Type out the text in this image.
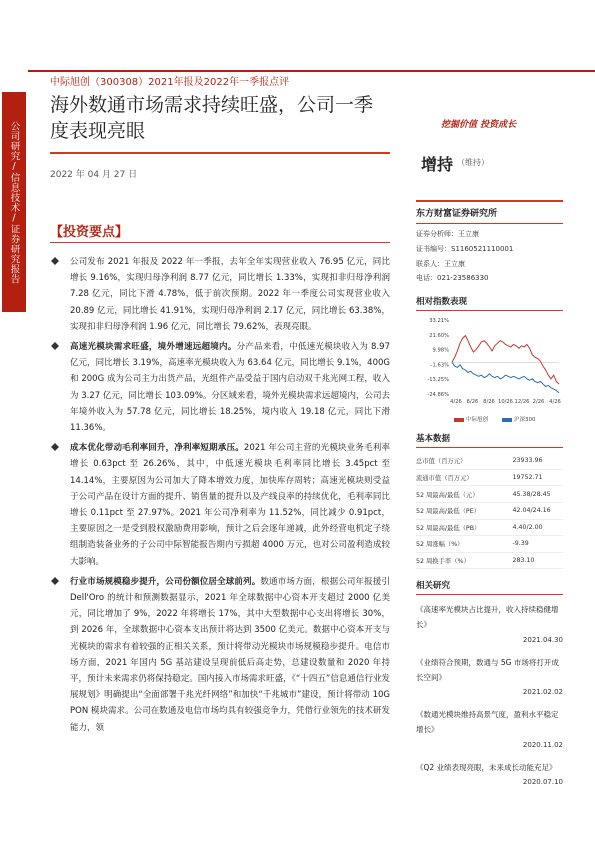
公司研究/信息技术/证券研究报告
中际旭创（300308）2021年报及2022年一季报点评
海外数通市场需求持续旺盛，公司一季度表现亮眼
2022 年 04 月 27 日
挖掘价值 投资成长
增持 （维持）
【投资要点】
公司发布 2021 年报及 2022 年一季报，去年全年实现营业收入 76.95 亿元，同比增长 9.16%，实现归母净利润 8.77 亿元，同比增长 1.33%，实现扣非归母净利润 7.28 亿元，同比下滑 4.78%，低于前次预期。2022 年一季度公司实现营业收入 20.89 亿元，同比增长 41.91%，实现归母净利润 2.17 亿元，同比增长 63.38%，实现扣非归母净利润 1.96 亿元，同比增长 79.62%，表现亮眼。
高速光模块需求旺盛，境外增速远超境内。分产品来看，中低速光模块收入为 8.97 亿元，同比增长 3.19%，高速率光模块收入为 63.64 亿元，同比增长 9.1%，400G 和 200G 成为公司主力出货产品，光组件产品受益于国内启动双千兆光网工程，收入为 3.27 亿元，同比增长 103.09%。分区域来看，境外光模块需求远超境内，公司去年境外收入为 57.78 亿元，同比增长 18.25%，境内收入 19.18 亿元，同比下滑 11.36%。
成本优化带动毛利率回升，净利率短期承压。2021 年公司主营的光模块业务毛利率增长 0.63pct 至 26.26%，其中，中低速光模块毛利率同比增长 3.45pct 至 14.14%，主要原因为公司加大了降本增效力度，加快库存周转；高速光模块则受益于公司产品在设计方面的提升、销售量的提升以及产线良率的持续优化，毛利率同比增长 0.11pct 至 27.97%。2021 年公司净利率为 11.52%，同比减少 0.91pct，主要原因之一是受到股权激励费用影响，预计之后会逐年递减，此外经营电机定子绕组制造装备业务的子公司中际智能报告期内亏损超 4000 万元，也对公司盈利造成较大影响。
行业市场规模稳步提升，公司份额位居全球前列。数通市场方面，根据公司年报援引 Dell'Oro 的统计和预测数据显示，2021 年全球数据中心资本开支超过 2000 亿美元，同比增加了 9%，2022 年将增长 17%，其中大型数据中心支出将增长 30%，到 2026 年，全球数据中心资本支出预计将达到 3500 亿美元。数据中心资本开支与光模块的需求有着较强的正相关关系，预计将带动光模块市场规模稳步提升。电信市场方面，2021 年国内 5G 基站建设呈现前低后高走势，总建设数量和 2020 年持平，预计未来需求仍将保持稳定。国内接入市场需求旺盛，《“十四五”信息通信行业发展规划》明确提出“全面部署千兆光纤网络”和加快“千兆城市”建设，预计将带动 10G PON 模块需求。公司在数通及电信市场均具有较强竞争力，凭借行业领先的技术研发能力，领
东方财富证券研究所
证券分析师：王立康
证书编号：S1160521110001
联系人：王立康
电话：021-23586330
相对指数表现
33.21%
21.60%
9.98%
-1.63%
-13.25%
-24.86%
4/26 6/26 8/26 10/26 12/26 2/26 4/26
中际旭创	沪深300
基本数据
总市值（百万元）	23933.96
流通市值（百万元）	19752.71
52 周最高/最低（元）	45.38/28.45
52 周最高/最低（PE）	42.04/24.16
52 周最高/最低（PB）	4.40/2.00
52 周涨幅（%）	-9.39
52 周换手率（%）	283.10
相关研究
《高速率光模块占比提升，收入持续稳健增长》
2021.04.30
《业绩符合预期，数通与 5G 市场将打开成长空间》
2021.02.02
《数通光模块维持高景气度，盈利水平稳定增长》
2020.11.02
《Q2 业绩表现亮眼，未来成长动能充足》
2020.07.10
